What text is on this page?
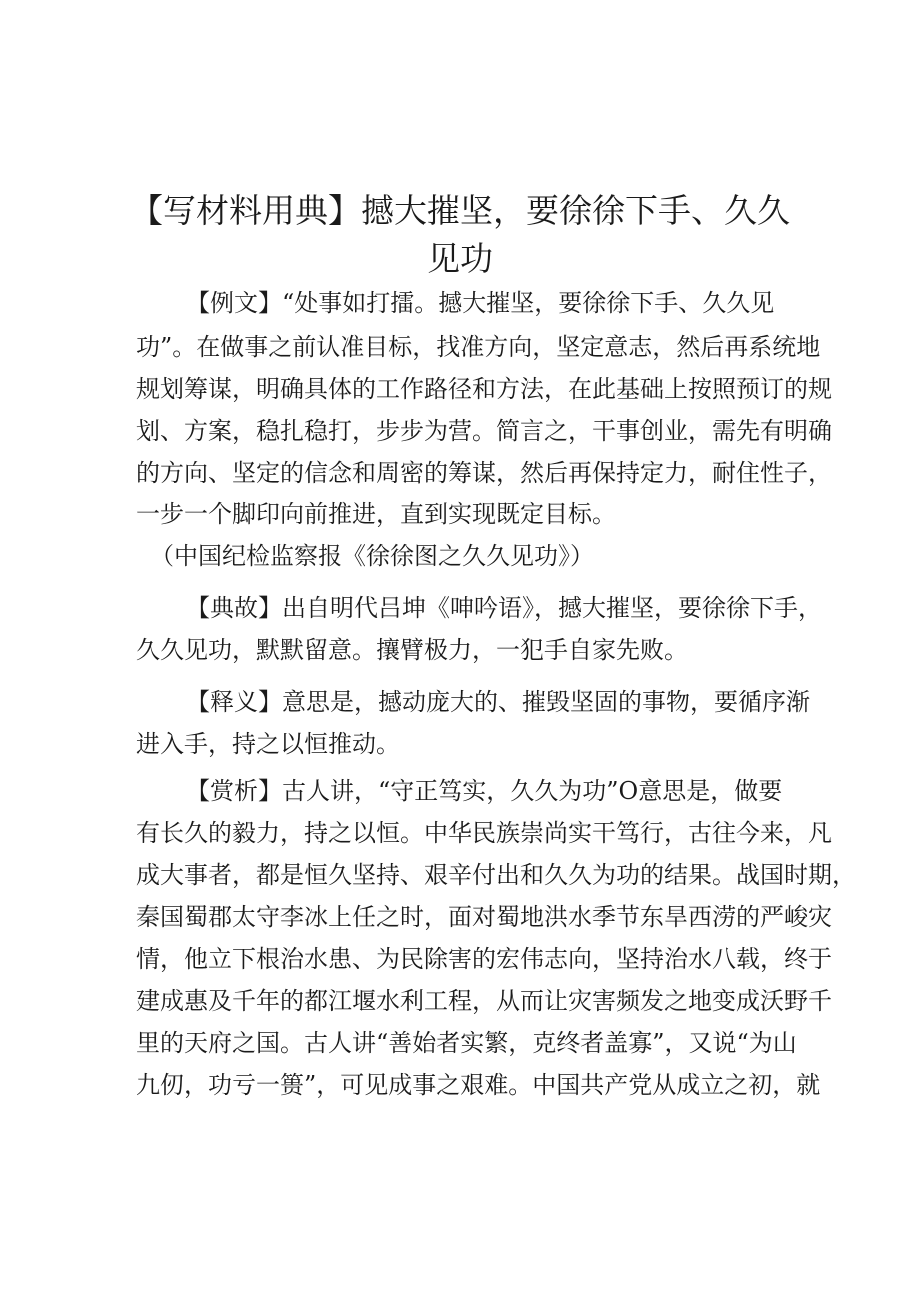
【写材料用典】撼大摧坚，要徐徐下手、久久
见功

【例文】“处事如打擂。撼大摧坚，要徐徐下手、久久见

功”。在做事之前认准目标，找准方向，坚定意志，然后再系统地

规划筹谋，明确具体的工作路径和方法，在此基础上按照预订的规

划、方案，稳扎稳打，步步为营。简言之，干事创业，需先有明确

的方向、坚定的信念和周密的筹谋，然后再保持定力，耐住性子，

一步一个脚印向前推进，直到实现既定目标。

（中国纪检监察报《徐徐图之久久见功》）

【典故】出自明代吕坤《呻吟语》，撼大摧坚，要徐徐下手，

久久见功，默默留意。攘臂极力，一犯手自家先败。

【释义】意思是，撼动庞大的、摧毁坚固的事物，要循序渐

进入手，持之以恒推动。

【赏析】古人讲，“守正笃实，久久为功”O意思是，做要

有长久的毅力，持之以恒。中华民族崇尚实干笃行，古往今来，凡

成大事者，都是恒久坚持、艰辛付出和久久为功的结果。战国时期，

秦国蜀郡太守李冰上任之时，面对蜀地洪水季节东旱西涝的严峻灾

情，他立下根治水患、为民除害的宏伟志向，坚持治水八载，终于

建成惠及千年的都江堰水利工程，从而让灾害频发之地变成沃野千

里的天府之国。古人讲“善始者实繁，克终者盖寡”，又说“为山

九仞，功亏一篑”，可见成事之艰难。中国共产党从成立之初，就
